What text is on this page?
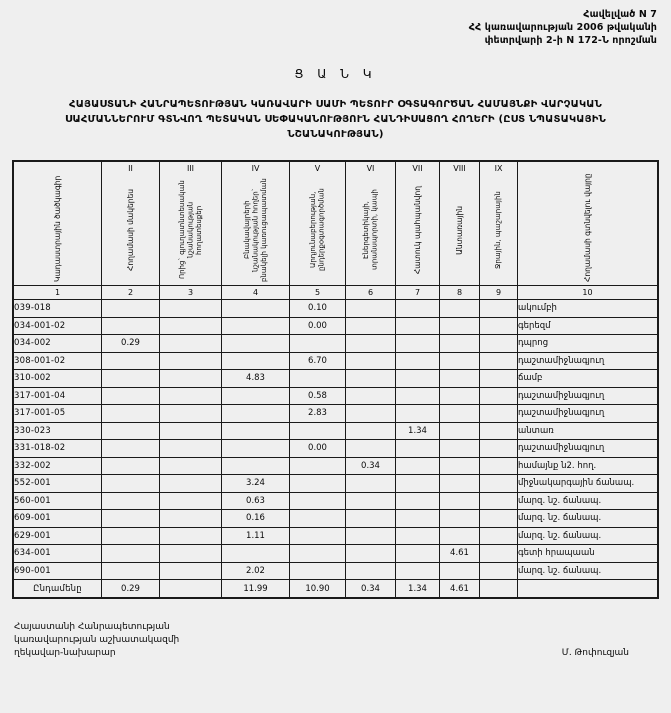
Հավելված N 7
ՀՀ կառավարության 2006 թվականի
փետրվարի 2-ի N 172-Ն որոշման
Ց Ա Ն Կ
ՀԱՅԱՍՏԱՆԻ ՀԱՆՐԱՊԵՏՈՒԹՅԱՆ ԿԱՌԱՎԱՐԻ ՍԱՄԻ ՊԵՏՈՒՐ ՕԳՏԱԳՈՐԾԱՆ ՀԱՄԱՅՆՔԻ ՎԱՐՉԱԿԱՆ ՍԱՀՄԱՆՆԵՐՈՒՄ ԳՏՆՎՈՂ ՊԵՏԱԿԱՆ ՍԵՓԱԿԱՆՈՒԹՅՈՒՆ ՀԱՆԴԻՍԱՑՈՂ ՀՈՂԵՐԻ (ԸՍՏ ՆՊԱՏԱԿԱՅԻՆ ՆՇԱՆԱԿՈՒԹՅԱՆ)
	II	III	IV	V	VI	VII	VIII	IX	

Կադաստրային ծածկագիր	Հողամասի մակերես	Որից` գյուղատնտեսական նշանակության հողատեսքեր	Բնակավայրերի նշանակության հողեր` բնակելի կառուցապատման	Արդյունաբերության, ընդերքօգտագործման	Էներգետիկայի, տրանսպորտի, կապի	Հատուկ պահպանվող	Անտառային	Ջրային, պաշարային	Հողամասի գտնվելու վայրը

1	2	3	4	5	6	7	8	9	10
039-018				0.10					ակումբի
034-001-02				0.00					գերեզմ
034-002	0.29								դպրոց
308-001-02				6.70					դաշտամիջնագյուղ
310-002			4.83						ճամբ
317-001-04				0.58					դաշտամիջնագյուղ
317-001-05				2.83					դաշտամիջնագյուղ
330-023						1.34			անտառ
331-018-02				0.00					դաշտամիջնագյուղ
332-002					0.34				համայնք ն2. հող.
552-001			3.24						միջնակարգային ճանապ.
560-001			0.63						մարզ. նշ. ճանապ.
609-001			0.16						մարզ. նշ. ճանապ.
629-001			1.11						մարզ. նշ. ճանապ.
634-001							4.61		գետի հրապաան
690-001			2.02						մարզ. նշ. ճանապ.
Ընդամենը	0.29		11.99	10.90	0.34	1.34	4.61		
Հայաստանի Հանրապետության
կառավարության աշխատակազմի
ղեկավար-նախարար	Մ. Թոփուզյան
